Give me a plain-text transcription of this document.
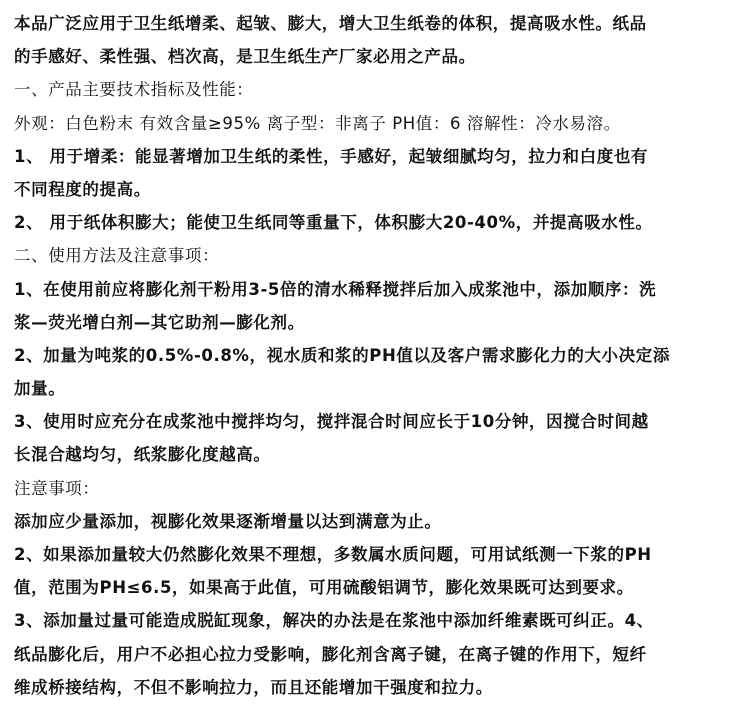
本品广泛应用于卫生纸增柔、起皱、膨大，增大卫生纸卷的体积，提高吸水性。纸品
的手感好、柔性强、档次高，是卫生纸生产厂家必用之产品。
一、产品主要技术指标及性能：
外观：白色粉末 有效含量≥95% 离子型：非离子 PH值：6 溶解性：冷水易溶。
1、 用于增柔：能显著增加卫生纸的柔性，手感好，起皱细腻均匀，拉力和白度也有
不同程度的提高。
2、 用于纸体积膨大；能使卫生纸同等重量下，体积膨大20-40%，并提高吸水性。
二、使用方法及注意事项：
1、在使用前应将膨化剂干粉用3-5倍的清水稀释搅拌后加入成浆池中，添加顺序：洗
浆—荧光增白剂—其它助剂—膨化剂。
2、加量为吨浆的0.5%-0.8%，视水质和浆的PH值以及客户需求膨化力的大小决定添
加量。
3、使用时应充分在成浆池中搅拌均匀，搅拌混合时间应长于10分钟，因搅合时间越
长混合越均匀，纸浆膨化度越高。
注意事项：
添加应少量添加，视膨化效果逐渐增量以达到满意为止。
2、如果添加量较大仍然膨化效果不理想，多数属水质问题，可用试纸测一下浆的PH
值，范围为PH≤6.5，如果高于此值，可用硫酸铝调节，膨化效果既可达到要求。
3、添加量过量可能造成脱缸现象，解决的办法是在浆池中添加纤维素既可纠正。4、
纸品膨化后，用户不必担心拉力受影响，膨化剂含离子键，在离子键的作用下，短纤
维成桥接结构，不但不影响拉力，而且还能增加干强度和拉力。
